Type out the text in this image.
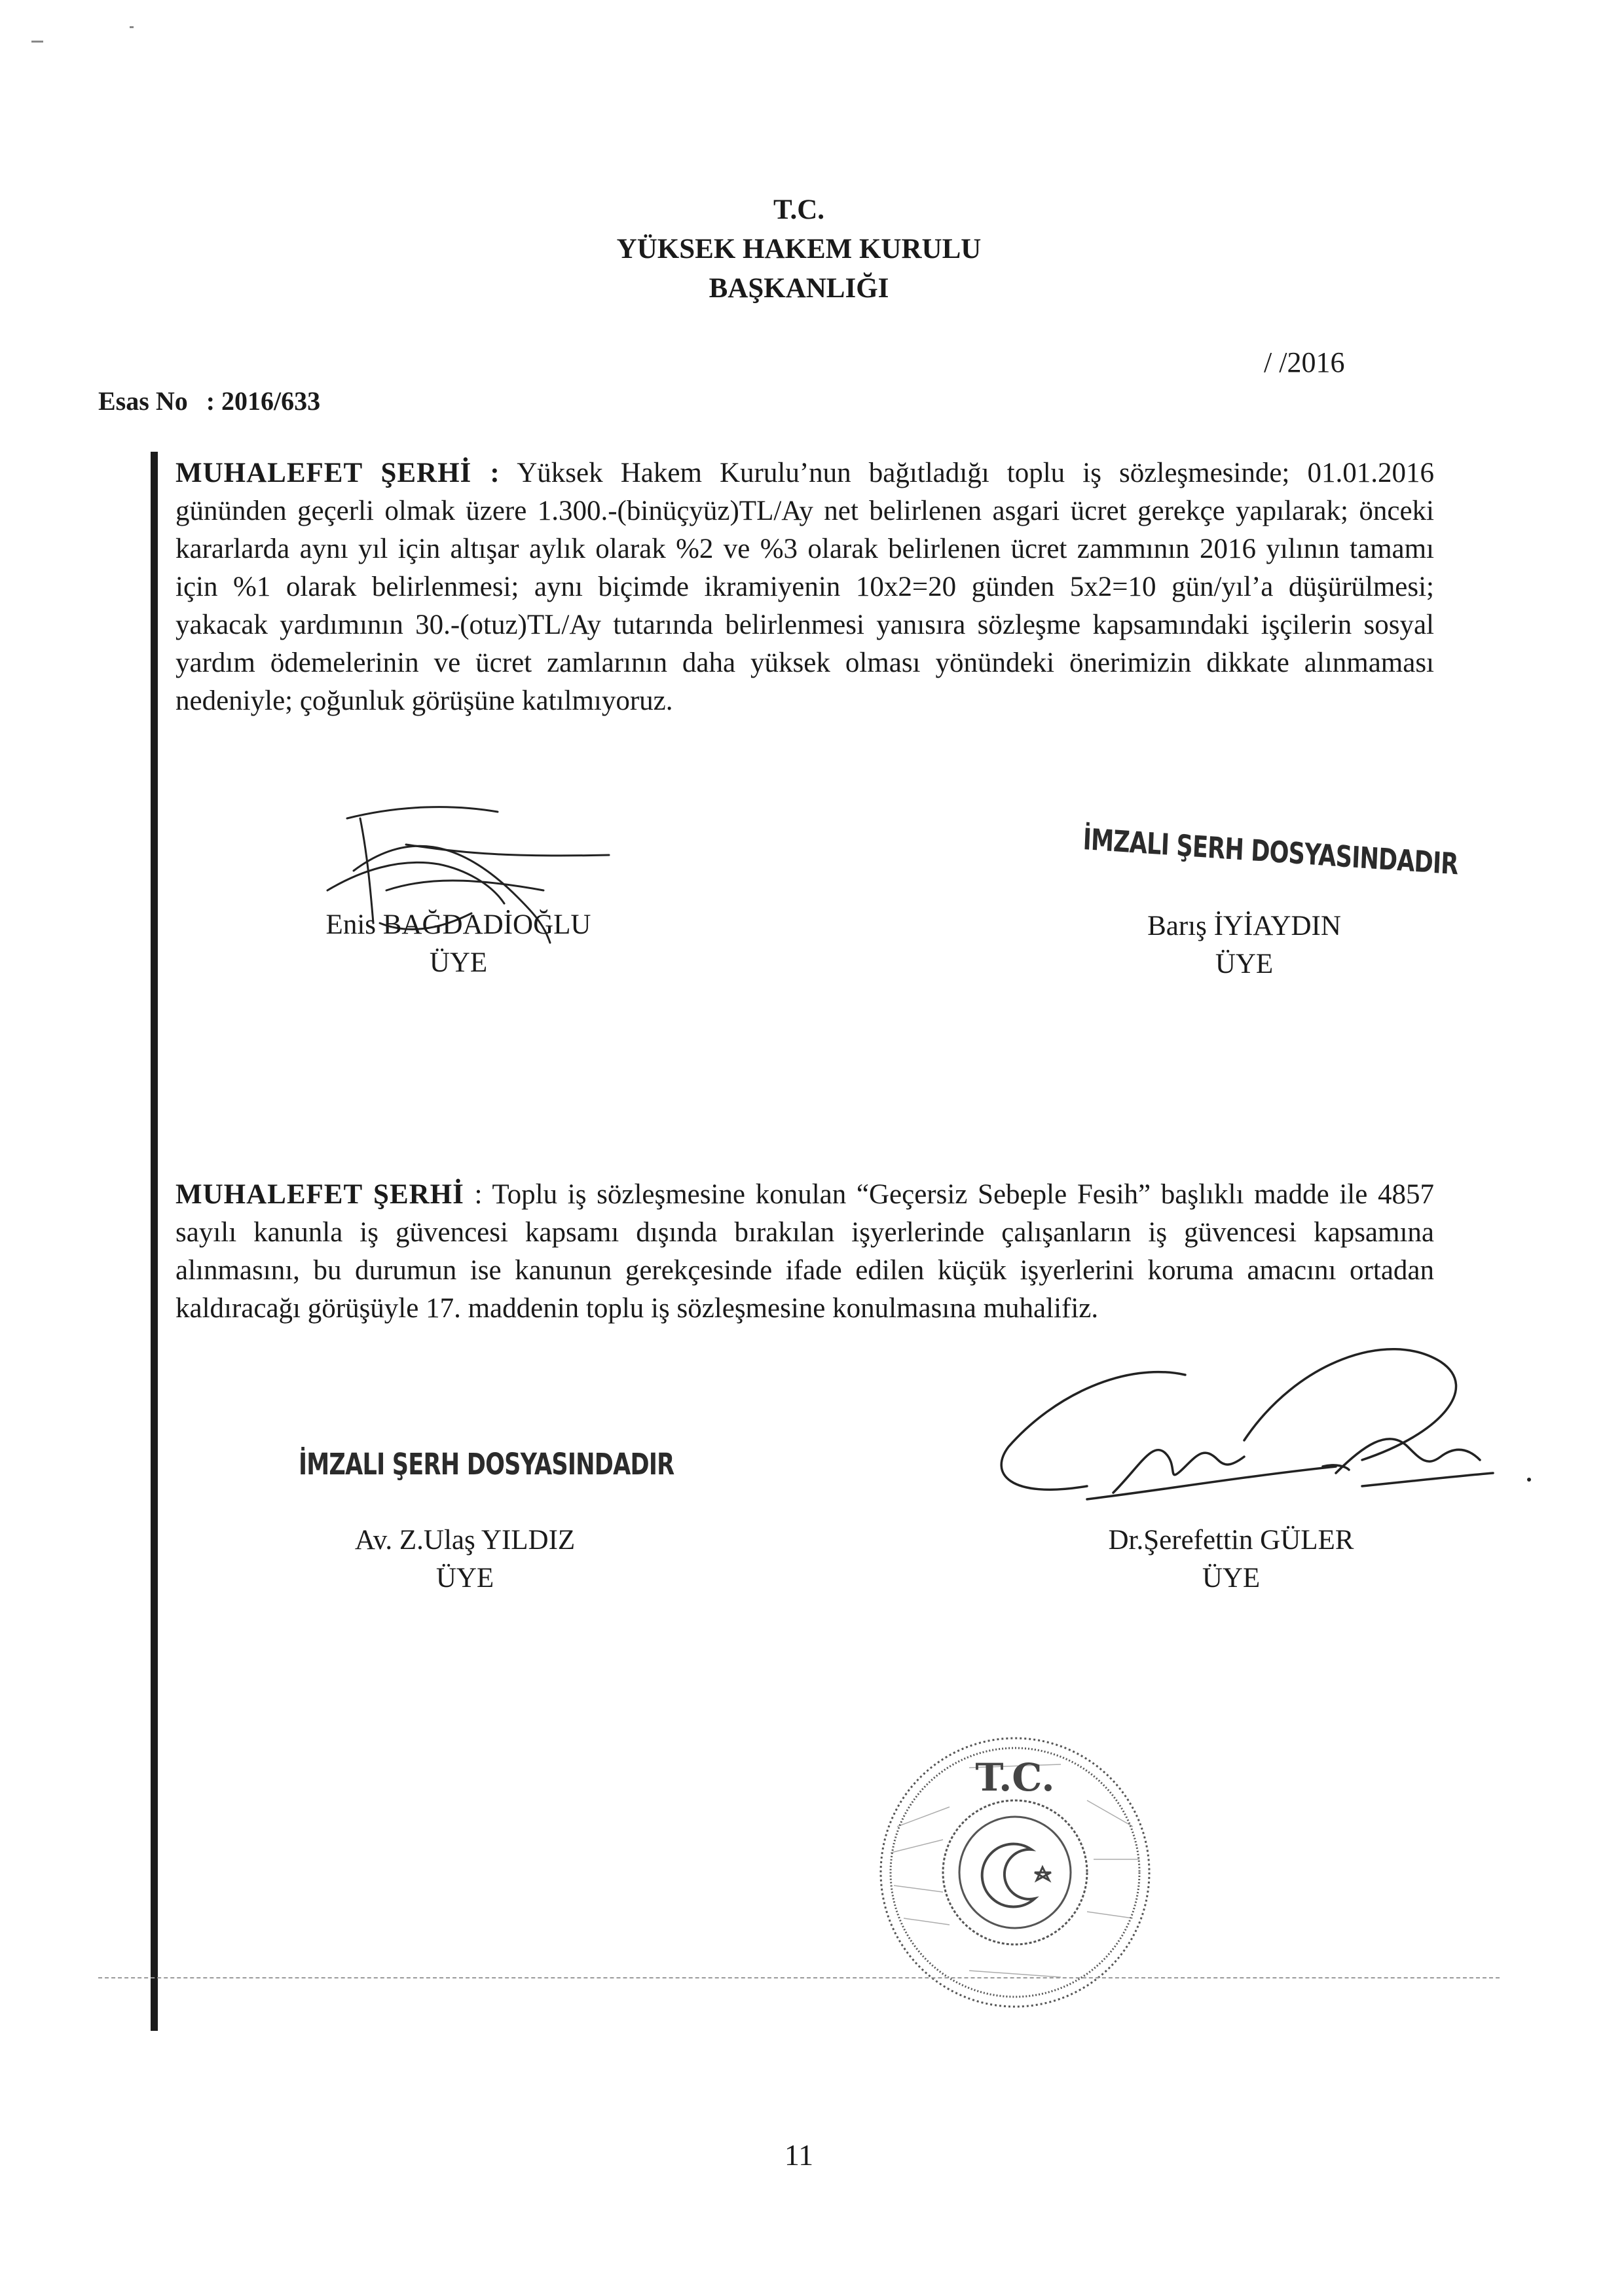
T.C.
YÜKSEK HAKEM KURULU
BAŞKANLIĞI
/ /2016
Esas No : 2016/633
MUHALEFET ŞERHİ : Yüksek Hakem Kurulu’nun bağıtladığı toplu iş sözleşmesinde; 01.01.2016 gününden geçerli olmak üzere 1.300.-(binüçyüz)TL/Ay net belirlenen asgari ücret gerekçe yapılarak; önceki kararlarda aynı yıl için altışar aylık olarak %2 ve %3 olarak belirlenen ücret zammının 2016 yılının tamamı için %1 olarak belirlenmesi; aynı biçimde ikramiyenin 10x2=20 günden 5x2=10 gün/yıl’a düşürülmesi; yakacak yardımının 30.-(otuz)TL/Ay tutarında belirlenmesi yanısıra sözleşme kapsamındaki işçilerin sosyal yardım ödemelerinin ve ücret zamlarının daha yüksek olması yönündeki önerimizin dikkate alınmaması nedeniyle; çoğunluk görüşüne katılmıyoruz.
Enis BAĞDADİOĞLU
ÜYE
İMZALI ŞERH DOSYASINDADIR
Barış İYİAYDIN
ÜYE
MUHALEFET ŞERHİ : Toplu iş sözleşmesine konulan “Geçersiz Sebeple Fesih” başlıklı madde ile 4857 sayılı kanunla iş güvencesi kapsamı dışında bırakılan işyerlerinde çalışanların iş güvencesi kapsamına alınmasını, bu durumun ise kanunun gerekçesinde ifade edilen küçük işyerlerini koruma amacını ortadan kaldıracağı görüşüyle 17. maddenin toplu iş sözleşmesine konulmasına muhalifiz.
İMZALI ŞERH DOSYASINDADIR
Av. Z.Ulaş YILDIZ
ÜYE
Dr.Şerefettin GÜLER
ÜYE
T.C.
11
